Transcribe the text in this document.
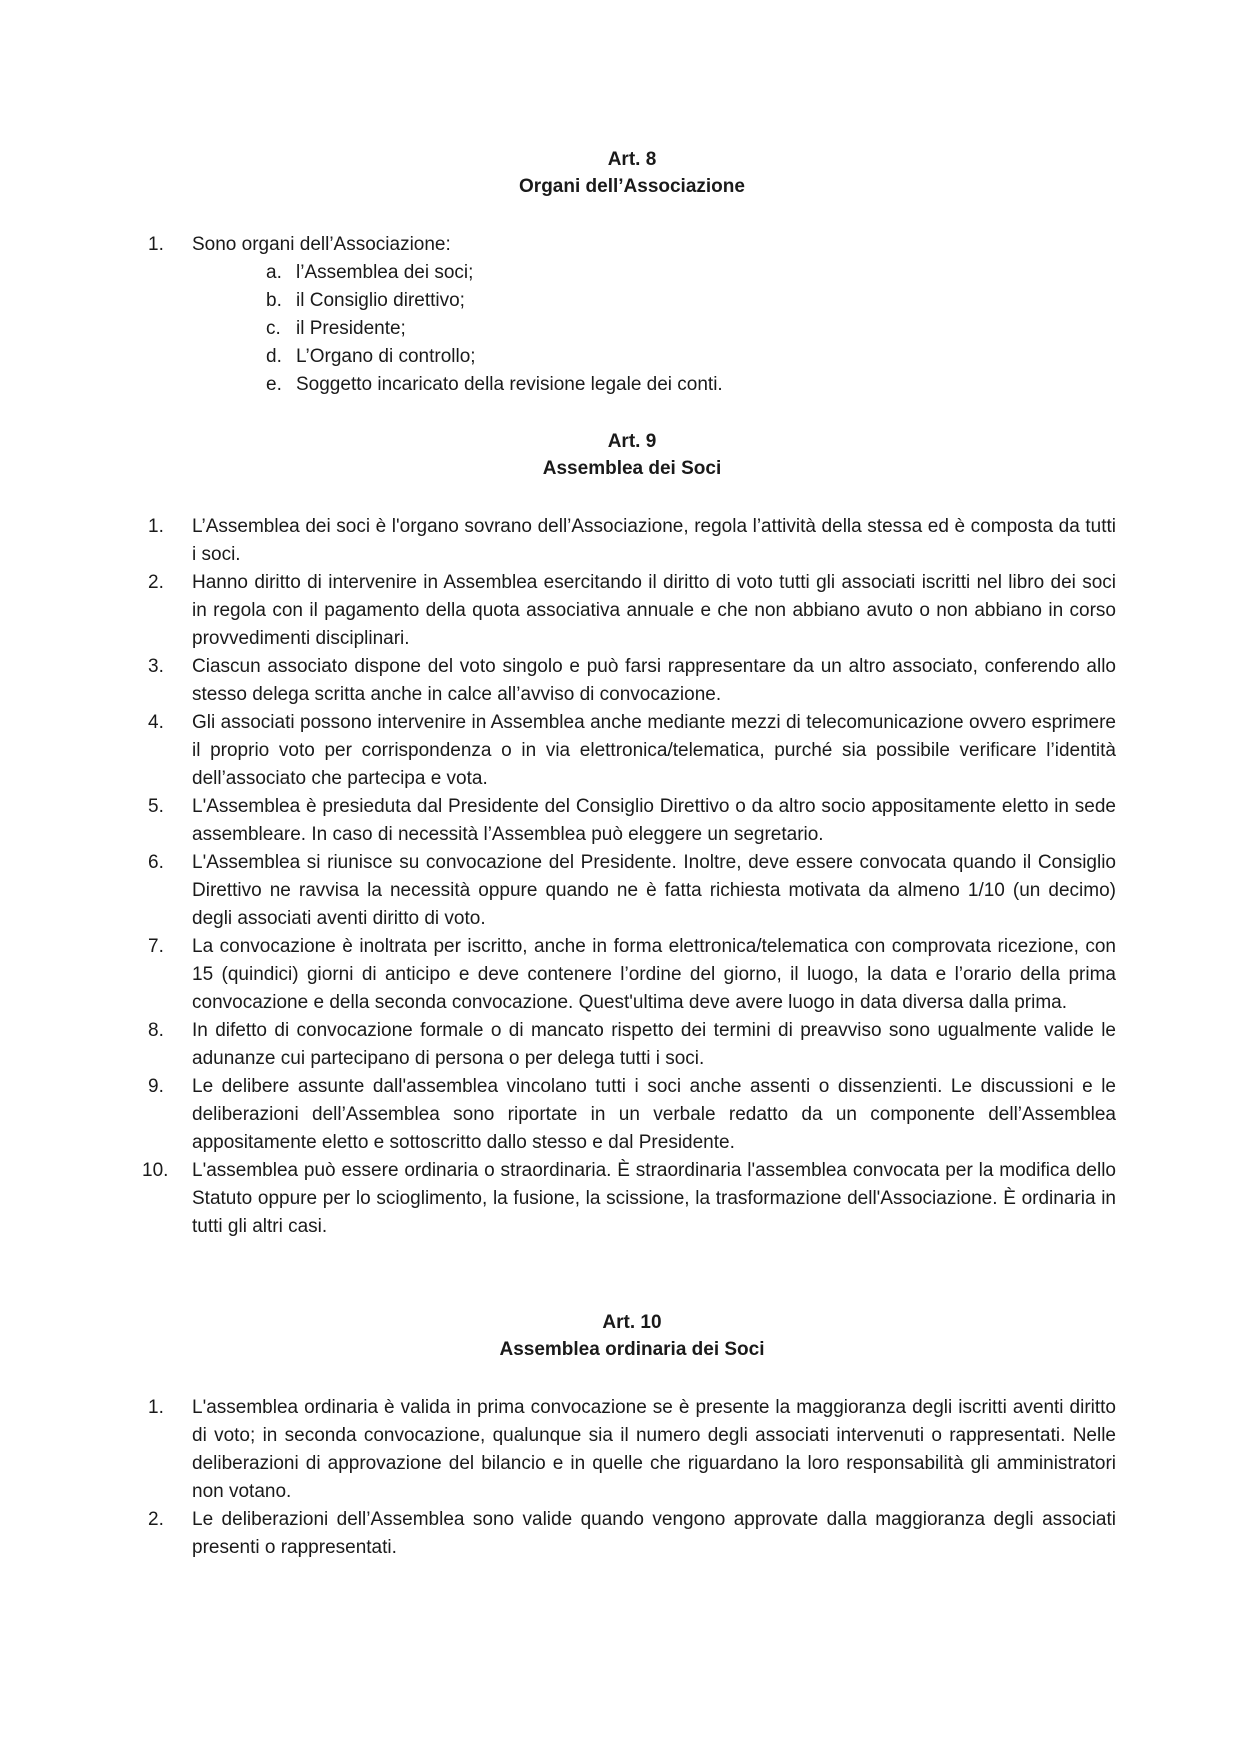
Art. 8
Organi dell’Associazione
1.	Sono organi dell’Associazione:
a. l’Assemblea dei soci;
b. il Consiglio direttivo;
c. il Presidente;
d. L’Organo di controllo;
e. Soggetto incaricato della revisione legale dei conti.
Art. 9
Assemblea dei Soci
1.	L’Assemblea dei soci è l'organo sovrano dell’Associazione, regola l’attività della stessa ed è composta da tutti i soci.
2.	Hanno diritto di intervenire in Assemblea esercitando il diritto di voto tutti gli associati iscritti nel libro dei soci in regola con il pagamento della quota associativa annuale e che non abbiano avuto o non abbiano in corso provvedimenti disciplinari.
3.	Ciascun associato dispone del voto singolo e può farsi rappresentare da un altro associato, conferendo allo stesso delega scritta anche in calce all’avviso di convocazione.
4.	Gli associati possono intervenire in Assemblea anche mediante mezzi di telecomunicazione ovvero esprimere il proprio voto per corrispondenza o in via elettronica/telematica, purché sia possibile verificare l’identità dell’associato che partecipa e vota.
5.	L'Assemblea è presieduta dal Presidente del Consiglio Direttivo o da altro socio appositamente eletto in sede assembleare. In caso di necessità l’Assemblea può eleggere un segretario.
6.	L'Assemblea si riunisce su convocazione del Presidente. Inoltre, deve essere convocata quando il Consiglio Direttivo ne ravvisa la necessità oppure quando ne è fatta richiesta motivata da almeno 1/10 (un decimo) degli associati aventi diritto di voto.
7.	La convocazione è inoltrata per iscritto, anche in forma elettronica/telematica con comprovata ricezione, con 15 (quindici) giorni di anticipo e deve contenere l’ordine del giorno, il luogo, la data e l’orario della prima convocazione e della seconda convocazione. Quest'ultima deve avere luogo in data diversa dalla prima.
8.	In difetto di convocazione formale o di mancato rispetto dei termini di preavviso sono ugualmente valide le adunanze cui partecipano di persona o per delega tutti i soci.
9.	Le delibere assunte dall'assemblea vincolano tutti i soci anche assenti o dissenzienti. Le discussioni e le deliberazioni dell’Assemblea sono riportate in un verbale redatto da un componente dell’Assemblea appositamente eletto e sottoscritto dallo stesso e dal Presidente.
10. L'assemblea può essere ordinaria o straordinaria. È straordinaria l'assemblea convocata per la modifica dello Statuto oppure per lo scioglimento, la fusione, la scissione, la trasformazione dell'Associazione. È ordinaria in tutti gli altri casi.
Art. 10
Assemblea ordinaria dei Soci
1.	L'assemblea ordinaria è valida in prima convocazione se è presente la maggioranza degli iscritti aventi diritto di voto; in seconda convocazione, qualunque sia il numero degli associati intervenuti o rappresentati. Nelle deliberazioni di approvazione del bilancio e in quelle che riguardano la loro responsabilità gli amministratori non votano.
2.	Le deliberazioni dell’Assemblea sono valide quando vengono approvate dalla maggioranza degli associati presenti o rappresentati.
